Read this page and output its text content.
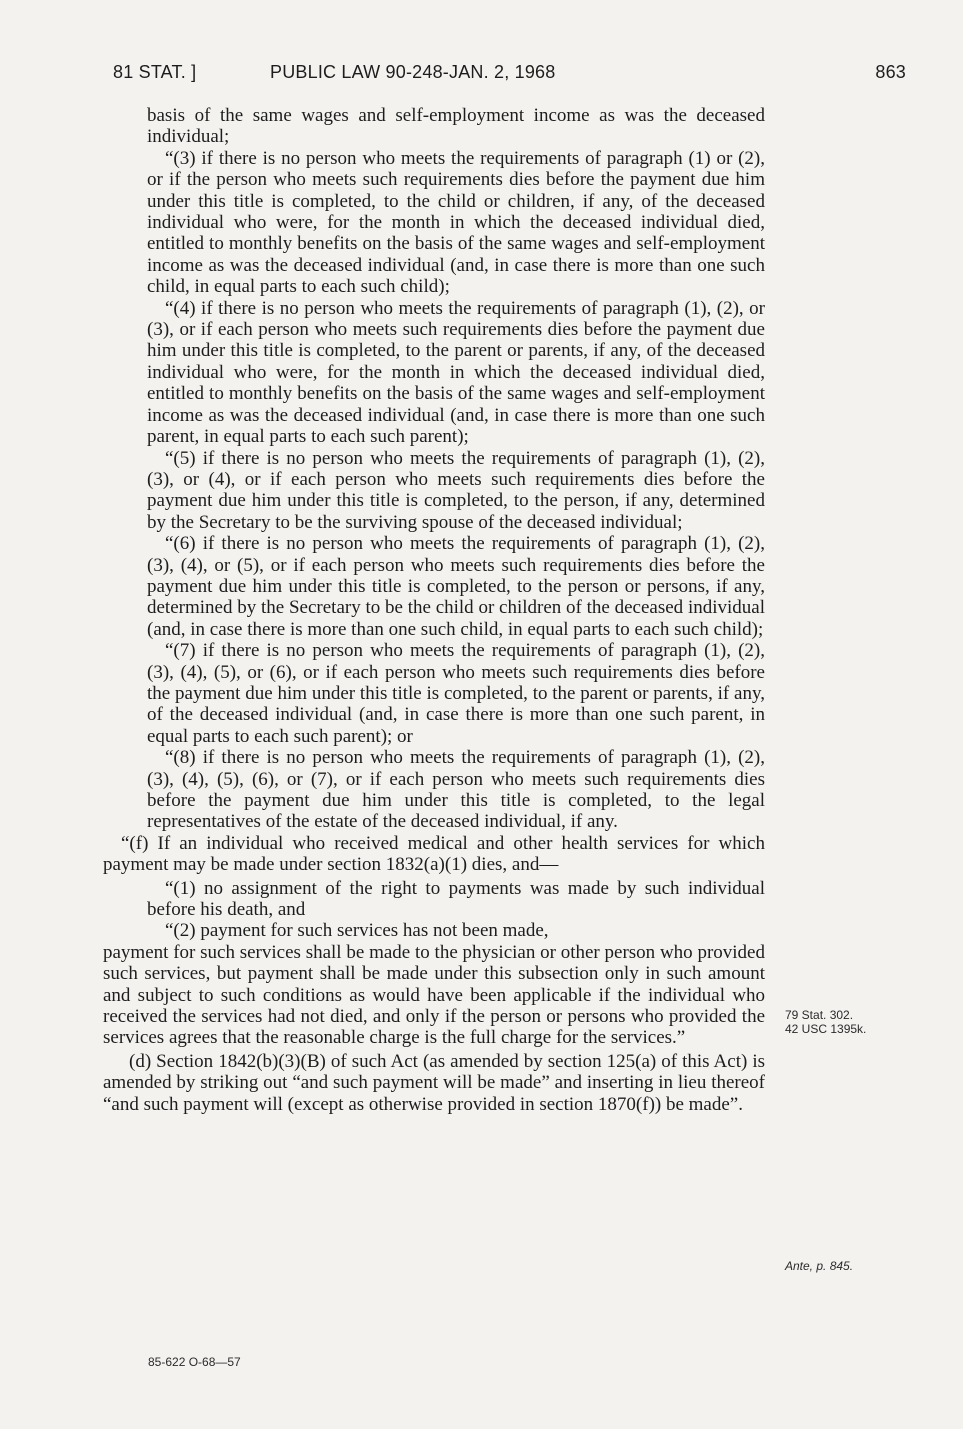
81 STAT. ]	PUBLIC LAW 90-248-JAN. 2, 1968	863

basis of the same wages and self-employment income as was the deceased individual;

“(3) if there is no person who meets the requirements of paragraph (1) or (2), or if the person who meets such requirements dies before the payment due him under this title is completed, to the child or children, if any, of the deceased individual who were, for the month in which the deceased individual died, entitled to monthly benefits on the basis of the same wages and self-employment income as was the deceased individual (and, in case there is more than one such child, in equal parts to each such child);

“(4) if there is no person who meets the requirements of paragraph (1), (2), or (3), or if each person who meets such requirements dies before the payment due him under this title is completed, to the parent or parents, if any, of the deceased individual who were, for the month in which the deceased individual died, entitled to monthly benefits on the basis of the same wages and self-employment income as was the deceased individual (and, in case there is more than one such parent, in equal parts to each such parent);

“(5) if there is no person who meets the requirements of paragraph (1), (2), (3), or (4), or if each person who meets such requirements dies before the payment due him under this title is completed, to the person, if any, determined by the Secretary to be the surviving spouse of the deceased individual;

“(6) if there is no person who meets the requirements of paragraph (1), (2), (3), (4), or (5), or if each person who meets such requirements dies before the payment due him under this title is completed, to the person or persons, if any, determined by the Secretary to be the child or children of the deceased individual (and, in case there is more than one such child, in equal parts to each such child);

“(7) if there is no person who meets the requirements of paragraph (1), (2), (3), (4), (5), or (6), or if each person who meets such requirements dies before the payment due him under this title is completed, to the parent or parents, if any, of the deceased individual (and, in case there is more than one such parent, in equal parts to each such parent); or

“(8) if there is no person who meets the requirements of paragraph (1), (2), (3), (4), (5), (6), or (7), or if each person who meets such requirements dies before the payment due him under this title is completed, to the legal representatives of the estate of the deceased individual, if any.

“(f) If an individual who received medical and other health services for which payment may be made under section 1832(a)(1) dies, and—

“(1) no assignment of the right to payments was made by such individual before his death, and

“(2) payment for such services has not been made,

payment for such services shall be made to the physician or other person who provided such services, but payment shall be made under this subsection only in such amount and subject to such conditions as would have been applicable if the individual who received the services had not died, and only if the person or persons who provided the services agrees that the reasonable charge is the full charge for the services.”

(d) Section 1842(b)(3)(B) of such Act (as amended by section 125(a) of this Act) is amended by striking out “and such payment will be made” and inserting in lieu thereof “and such payment will (except as otherwise provided in section 1870(f)) be made”.

79 Stat. 302.
42 USC 1395k.
Ante, p. 845.
85-622 O-68—57
